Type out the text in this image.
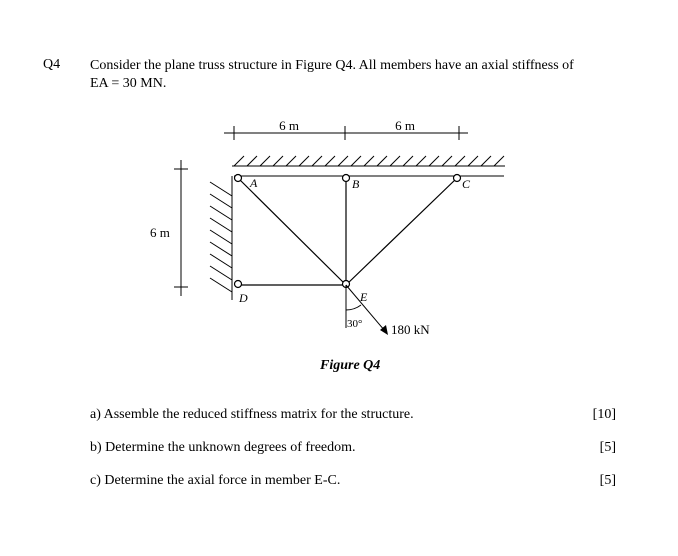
Q4 Consider the plane truss structure in Figure Q4. All members have an axial stiffness of
EA = 30 MN.
6 m	6 m
6 m
A	B	C
D	E
30° 180 kN
Figure Q4
a) Assemble the reduced stiffness matrix for the structure.	[10]
b) Determine the unknown degrees of freedom.	[5]
c) Determine the axial force in member E-C.	[5]
